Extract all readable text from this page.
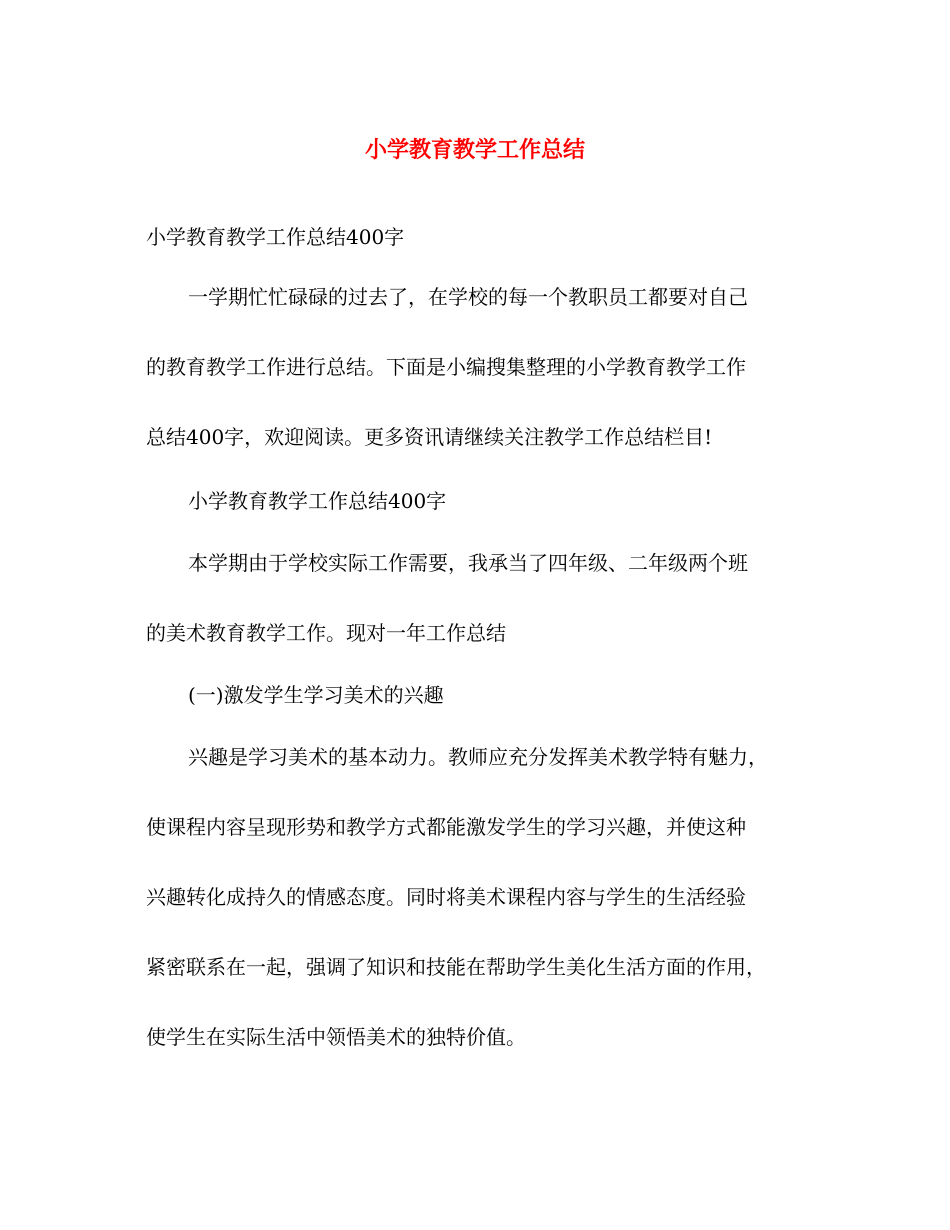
小学教育教学工作总结
小学教育教学工作总结400字
一学期忙忙碌碌的过去了，在学校的每一个教职员工都要对自己
的教育教学工作进行总结。下面是小编搜集整理的小学教育教学工作
总结400字，欢迎阅读。更多资讯请继续关注教学工作总结栏目!
小学教育教学工作总结400字
本学期由于学校实际工作需要，我承当了四年级、二年级两个班
的美术教育教学工作。现对一年工作总结
(一)激发学生学习美术的兴趣
兴趣是学习美术的基本动力。教师应充分发挥美术教学特有魅力，
使课程内容呈现形势和教学方式都能激发学生的学习兴趣，并使这种
兴趣转化成持久的情感态度。同时将美术课程内容与学生的生活经验
紧密联系在一起，强调了知识和技能在帮助学生美化生活方面的作用，
使学生在实际生活中领悟美术的独特价值。
